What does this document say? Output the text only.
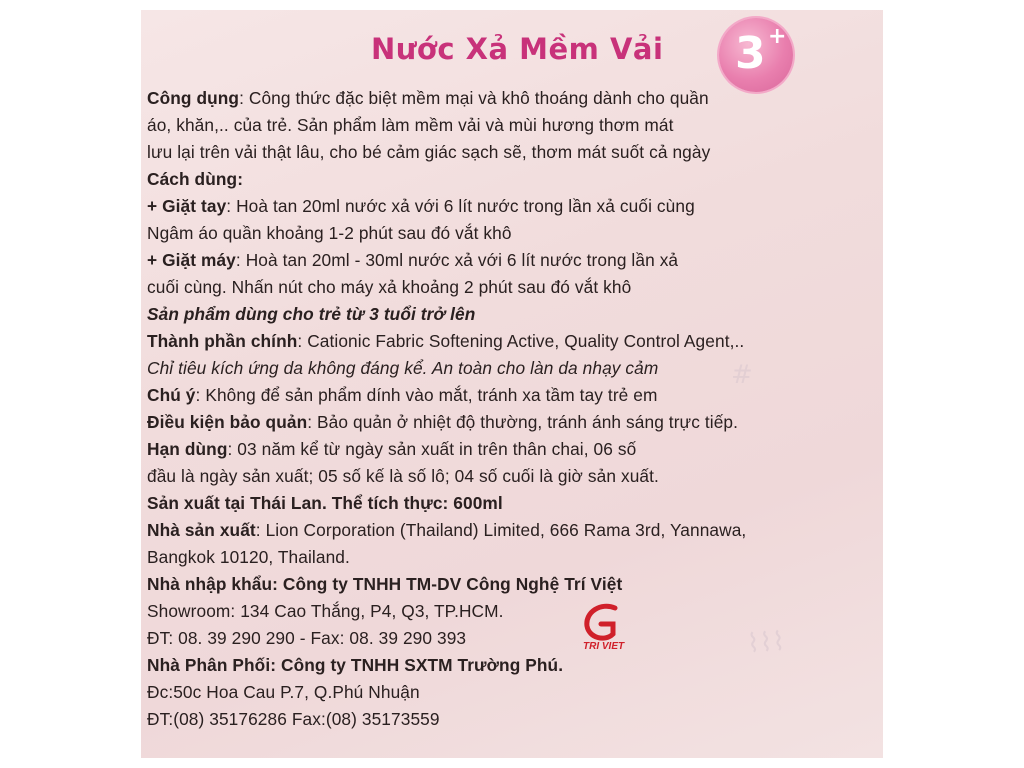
#
⌇⌇⌇
Nước Xả Mềm Vải 3 +
Công dụng: Công thức đặc biệt mềm mại và khô thoáng dành cho quần
áo, khăn,.. của trẻ. Sản phẩm làm mềm vải và mùi hương thơm mát
lưu lại trên vải thật lâu, cho bé cảm giác sạch sẽ, thơm mát suốt cả ngày
Cách dùng:
+ Giặt tay: Hoà tan 20ml nước xả với 6 lít nước trong lần xả cuối cùng
Ngâm áo quần khoảng 1-2 phút sau đó vắt khô
+ Giặt máy: Hoà tan 20ml - 30ml nước xả với 6 lít nước trong lần xả
cuối cùng. Nhấn nút cho máy xả khoảng 2 phút sau đó vắt khô
Sản phẩm dùng cho trẻ từ 3 tuổi trở lên
Thành phần chính: Cationic Fabric Softening Active, Quality Control Agent,..
Chỉ tiêu kích ứng da không đáng kể. An toàn cho làn da nhạy cảm
Chú ý: Không để sản phẩm dính vào mắt, tránh xa tầm tay trẻ em
Điều kiện bảo quản: Bảo quản ở nhiệt độ thường, tránh ánh sáng trực tiếp.
Hạn dùng: 03 năm kể từ ngày sản xuất in trên thân chai, 06 số
đầu là ngày sản xuất; 05 số kế là số lô; 04 số cuối là giờ sản xuất.
Sản xuất tại Thái Lan. Thể tích thực: 600ml
Nhà sản xuất: Lion Corporation (Thailand) Limited, 666 Rama 3rd, Yannawa,
Bangkok 10120, Thailand.
Nhà nhập khẩu: Công ty TNHH TM-DV Công Nghệ Trí Việt
Showroom: 134 Cao Thắng, P4, Q3, TP.HCM.
ĐT: 08. 39 290 290 - Fax: 08. 39 290 393
Nhà Phân Phối: Công ty TNHH SXTM Trường Phú.
Đc:50c Hoa Cau P.7, Q.Phú Nhuận
ĐT:(08) 35176286 Fax:(08) 35173559
TRI VIET
